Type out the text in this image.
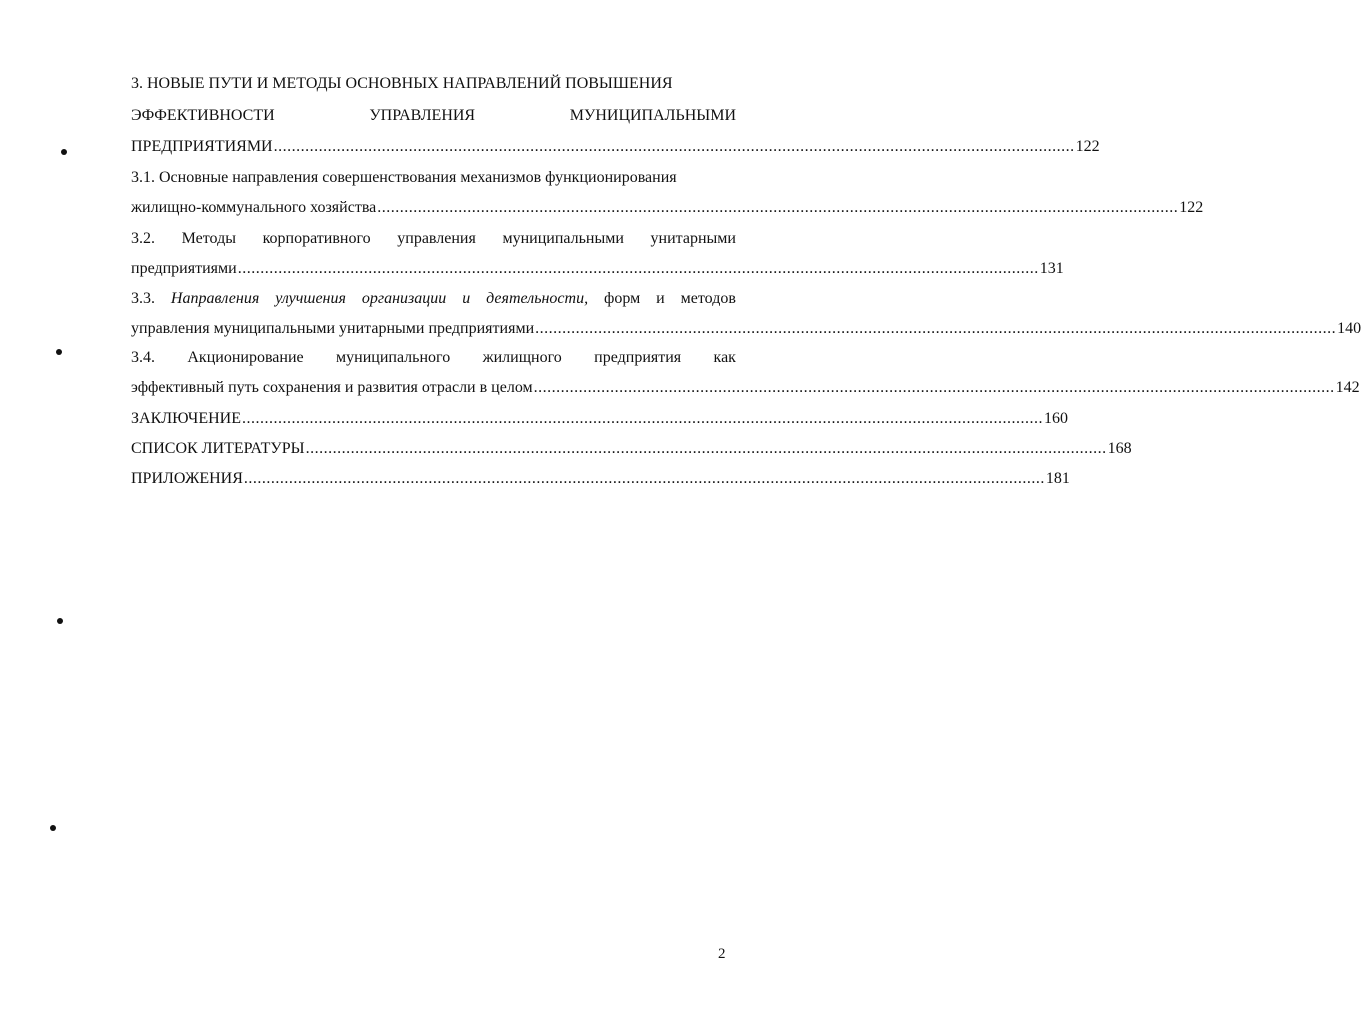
3. НОВЫЕ ПУТИ И МЕТОДЫ ОСНОВНЫХ НАПРАВЛЕНИЙ ПОВЫШЕНИЯ
ЭФФЕКТИВНОСТИ	УПРАВЛЕНИЯ	МУНИЦИПАЛЬНЫМИ
ПРЕДПРИЯТИЯМИ .................................................................................................................................................................................. 122
3.1. Основные направления совершенствования механизмов функционирования
жилищно-коммунального хозяйства .................................................................................................................................................................................. 122
3.2. Методы корпоративного управления муниципальными унитарными
предприятиями .................................................................................................................................................................................. 131
3.3. Направления улучшения организации и деятельности, форм и методов
управления муниципальными унитарными предприятиями .................................................................................................................................................................................. 140
3.4. Акционирование муниципального жилищного предприятия как
эффективный путь сохранения и развития отрасли в целом .................................................................................................................................................................................. 142
ЗАКЛЮЧЕНИЕ .................................................................................................................................................................................. 160
СПИСОК ЛИТЕРАТУРЫ .................................................................................................................................................................................. 168
ПРИЛОЖЕНИЯ .................................................................................................................................................................................. 181
2
